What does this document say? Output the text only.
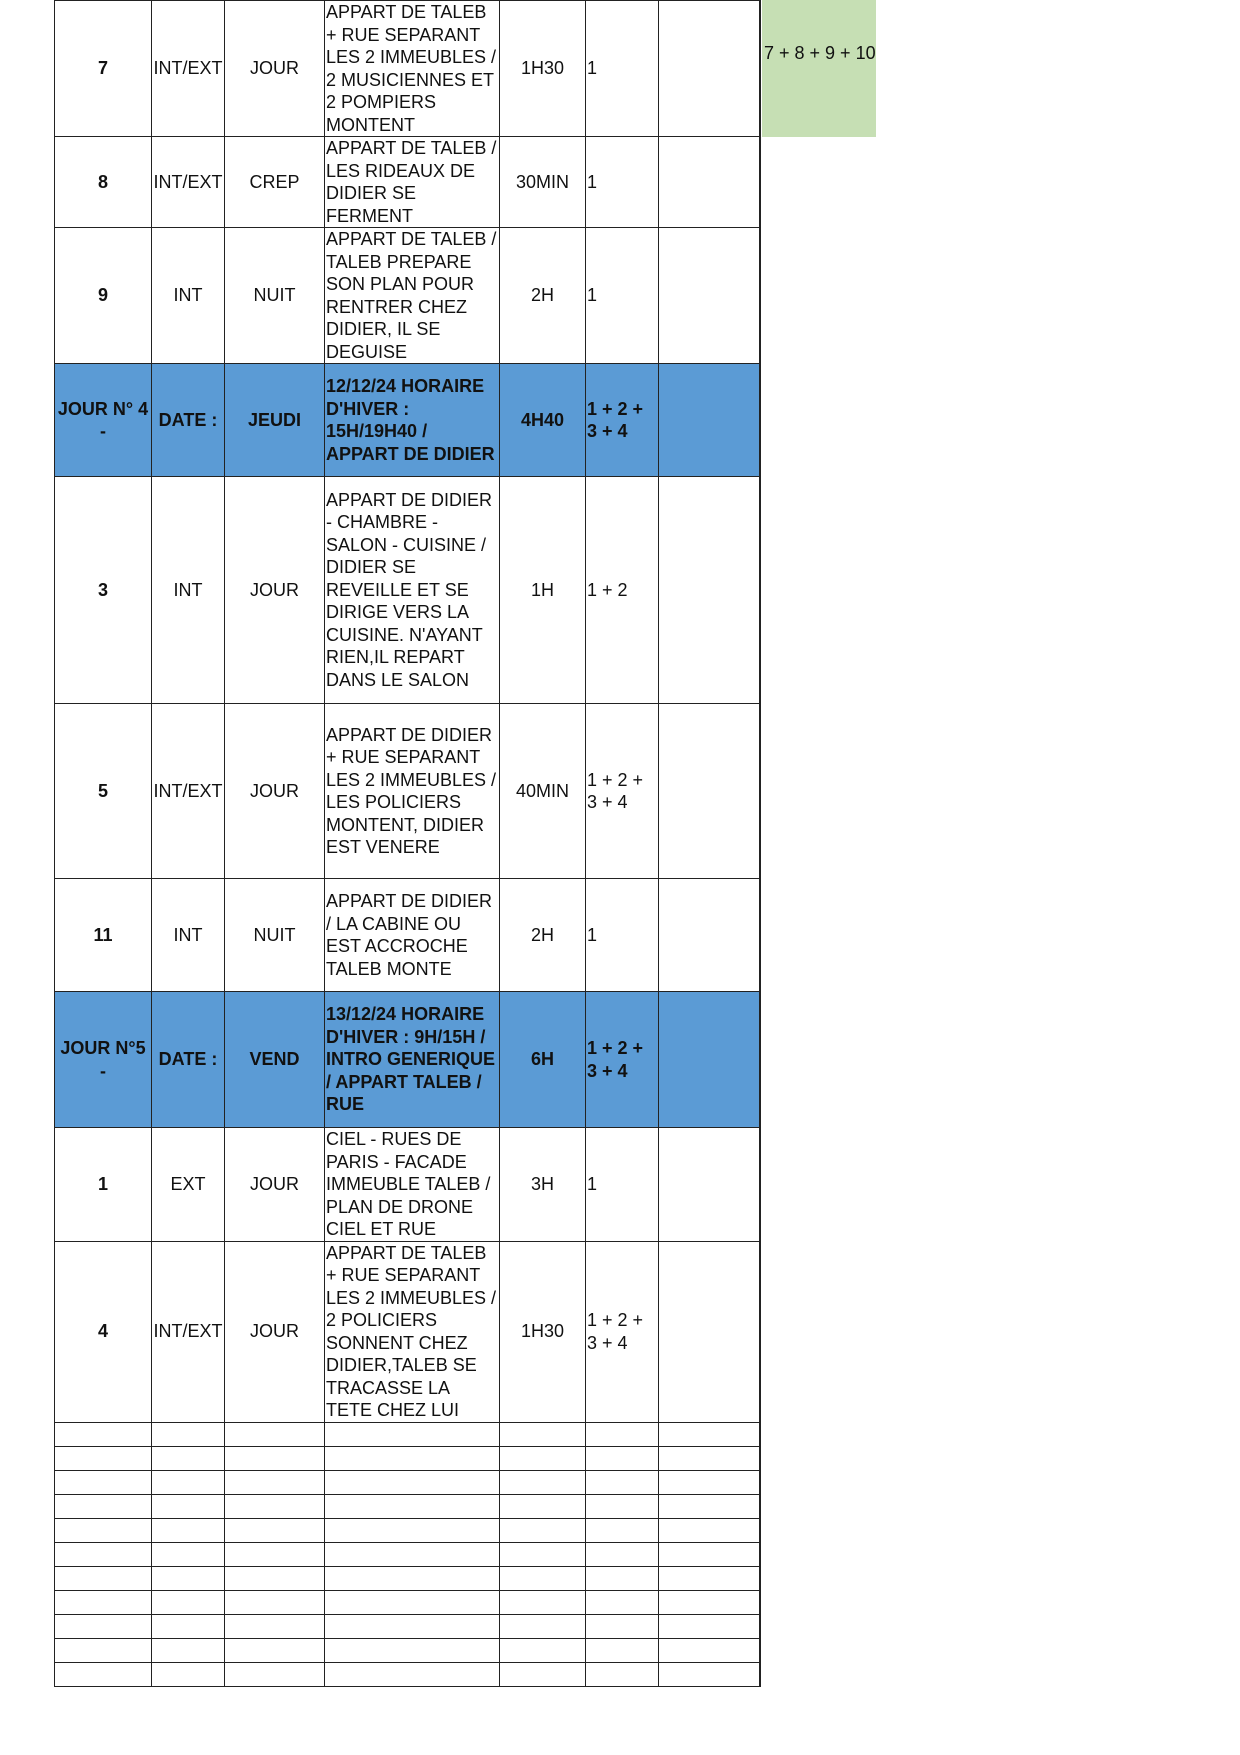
7	INT/EXT	JOUR	APPART DE TALEB + RUE SEPARANT LES 2 IMMEUBLES / 2 MUSICIENNES ET 2 POMPIERS MONTENT	1H30	1	
8	INT/EXT	CREP	APPART DE TALEB / LES RIDEAUX DE DIDIER SE FERMENT	30MIN	1	
9	INT	NUIT	APPART DE TALEB / TALEB PREPARE SON PLAN POUR RENTRER CHEZ DIDIER, IL SE DEGUISE	2H	1	
JOUR N° 4 -	DATE :	JEUDI	12/12/24 HORAIRE D'HIVER : 15H/19H40 / APPART DE DIDIER	4H40	1 + 2 + 3 + 4	
3	INT	JOUR	APPART DE DIDIER - CHAMBRE - SALON - CUISINE / DIDIER SE REVEILLE ET SE DIRIGE VERS LA CUISINE. N'AYANT RIEN,IL REPART DANS LE SALON	1H	1 + 2	
5	INT/EXT	JOUR	APPART DE DIDIER + RUE SEPARANT LES 2 IMMEUBLES / LES POLICIERS MONTENT, DIDIER EST VENERE	40MIN	1 + 2 + 3 + 4	
11	INT	NUIT	APPART DE DIDIER / LA CABINE OU EST ACCROCHE TALEB MONTE	2H	1	
JOUR N°5 -	DATE :	VEND	13/12/24 HORAIRE D'HIVER : 9H/15H / INTRO GENERIQUE / APPART TALEB / RUE	6H	1 + 2 + 3 + 4	
1	EXT	JOUR	CIEL - RUES DE PARIS - FACADE IMMEUBLE TALEB / PLAN DE DRONE CIEL ET RUE	3H	1	
4	INT/EXT	JOUR	APPART DE TALEB + RUE SEPARANT LES 2 IMMEUBLES / 2 POLICIERS SONNENT CHEZ DIDIER,TALEB SE TRACASSE LA TETE CHEZ LUI	1H30	1 + 2 + 3 + 4	

7 + 8 + 9 + 10
